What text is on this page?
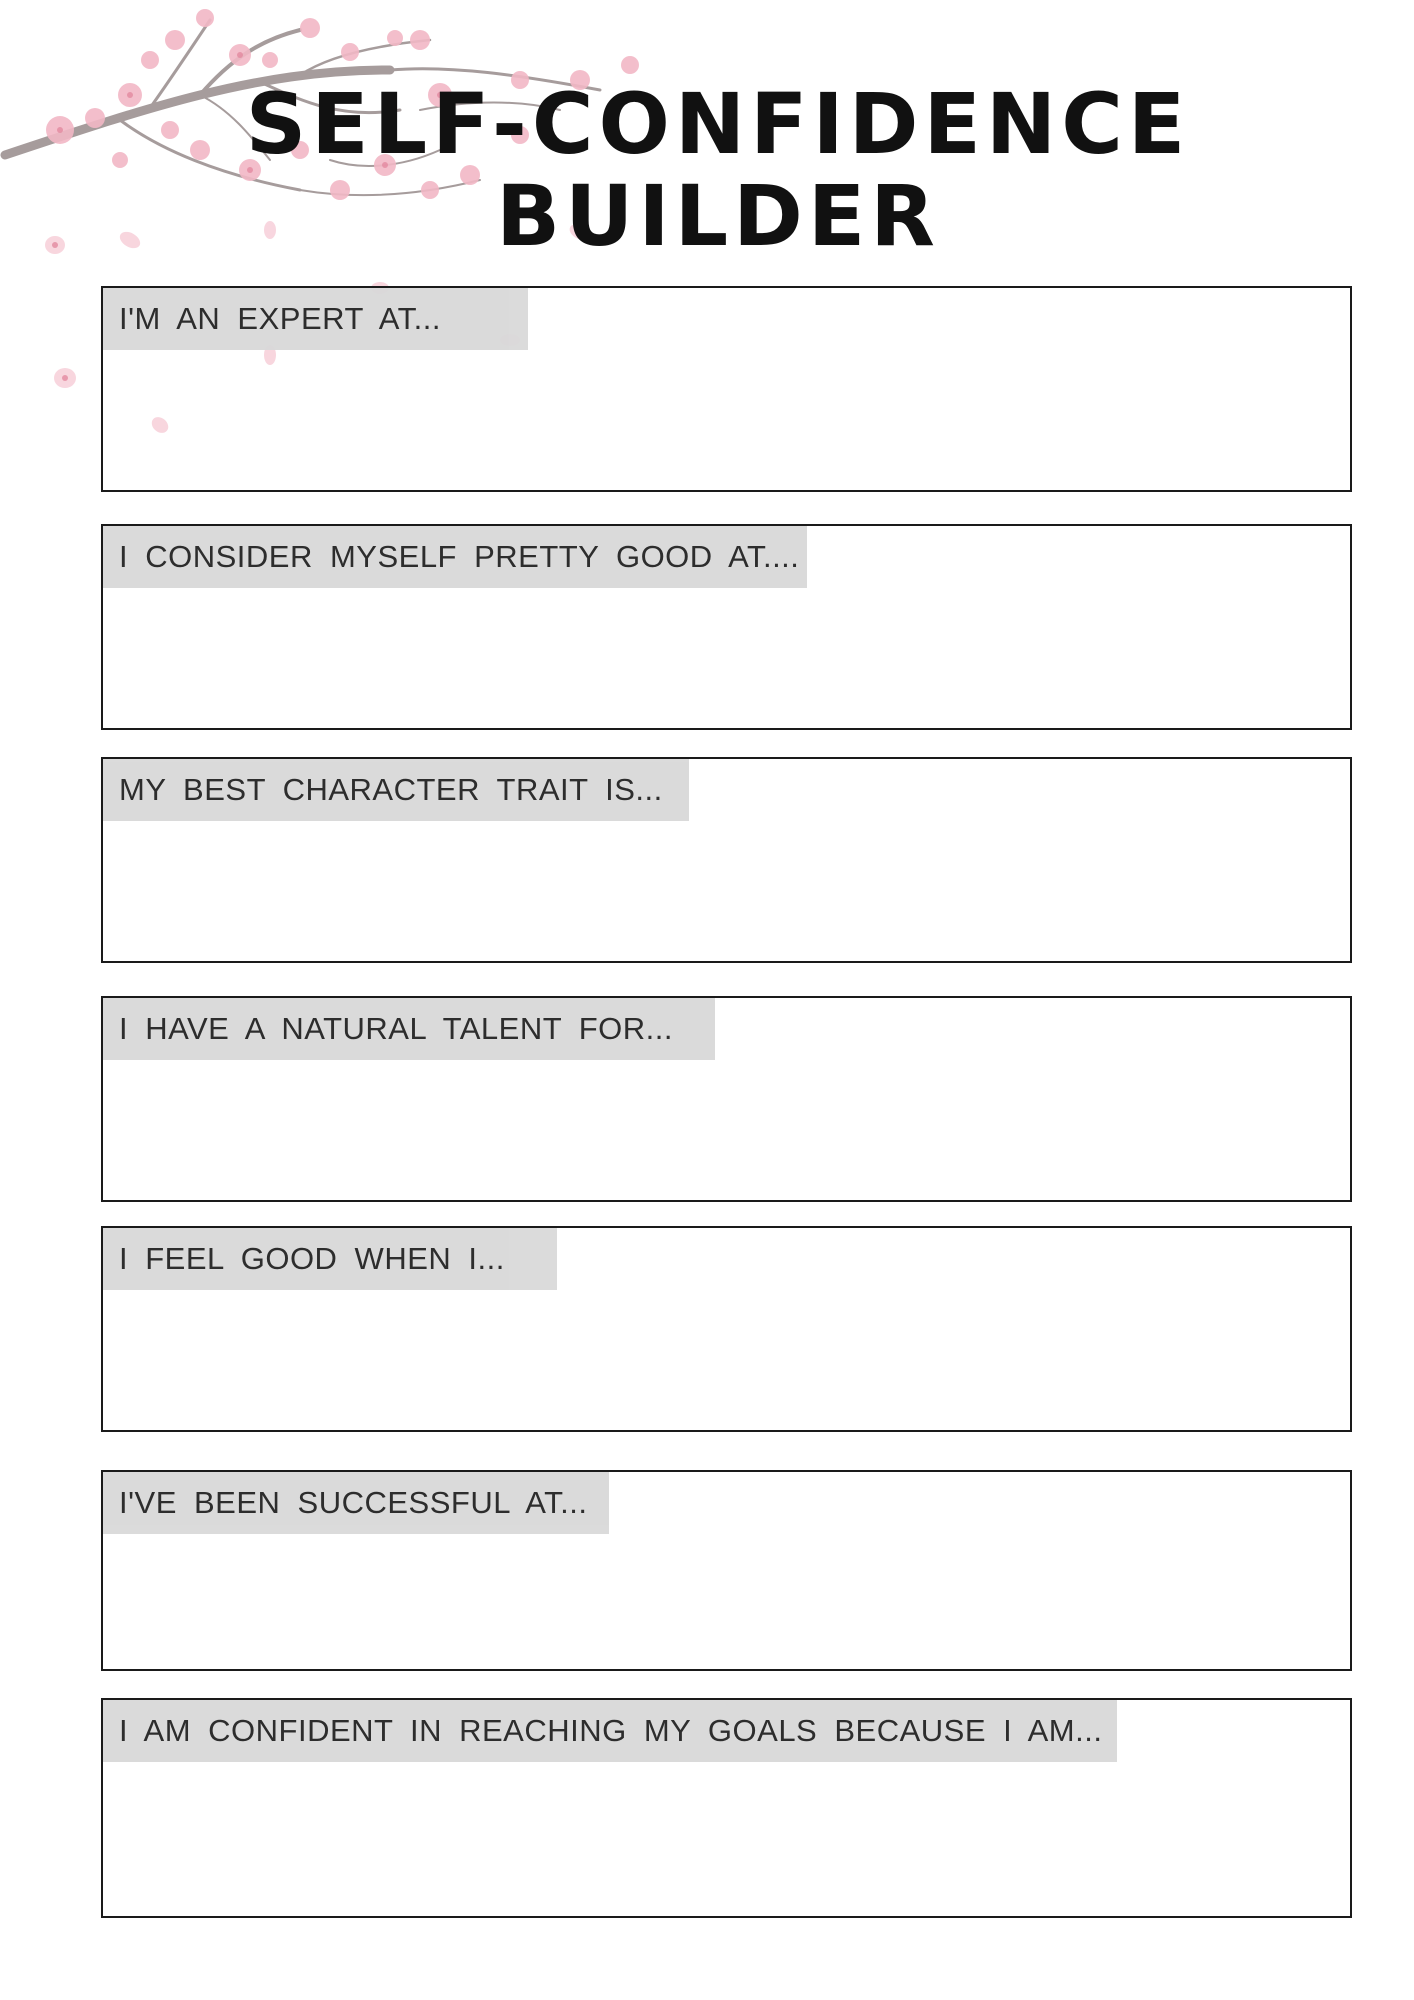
SELF-CONFIDENCE BUILDER
I'M AN EXPERT AT...
I CONSIDER MYSELF PRETTY GOOD AT....
MY BEST CHARACTER TRAIT IS...
I HAVE A NATURAL TALENT FOR...
I FEEL GOOD WHEN I...
I'VE BEEN SUCCESSFUL AT...
I AM CONFIDENT IN REACHING MY GOALS BECAUSE I AM...
